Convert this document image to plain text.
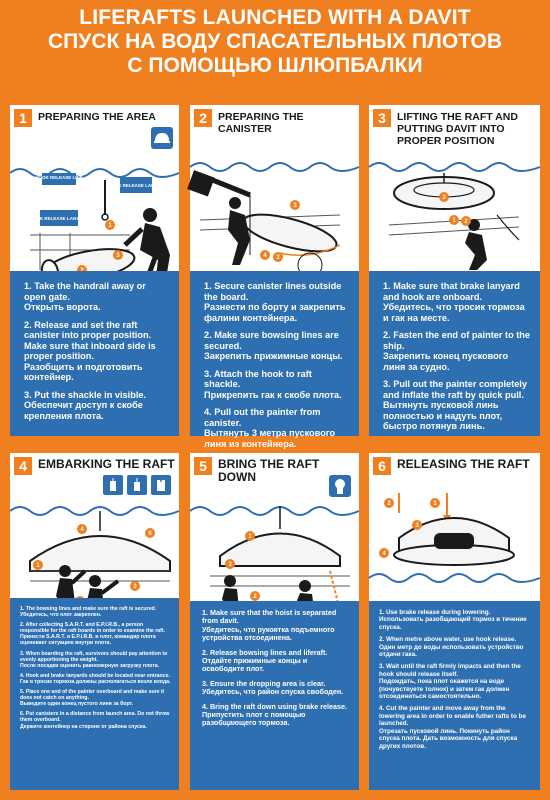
LIFERAFTS LAUNCHED WITH A DAVIT
СПУСК НА ВОДУ СПАСАТЕЛЬНЫХ ПЛОТОВ
С ПОМОЩЬЮ ШЛЮПБАЛКИ
1	PREPARING THE AREA
HOOK RELEASE LINE
BREAK RELEASE LANYARD
HOOK RELEASE LANYARD
3
1
1. Take the handrail away or open gate.
Открыть ворота.
2. Release and set the raft canister into proper position. Make sure that inboard side is proper position.
Разобщить и подготовить контейнер.
3. Put the shackle in visible.
Обеспечит доступ к скобе крепления плота.
2	PREPARING THE CANISTER
3
4 2
1. Secure canister lines outside the board.
Разнести по борту и закрепить фалини контейнера.
2. Make sure bowsing lines are secured.
Закрепить прижимные концы.
3. Attach the hook to raft shackle.
Прикрепить гак к скобе плота.
4. Pull out the painter from canister.
Вытянуть 3 метра пускового линя из контейнера.
3	LIFTING THE RAFT AND PUTTING DAVIT INTO PROPER POSITION
3
1 2
1. Make sure that brake lanyard and hook are onboard.
Убедитесь, что тросик тормоза и гак на месте.
2. Fasten the end of painter to the ship.
Закрепить конец пускового линя за судно.
3. Pull out the painter completely and inflate the raft by quick pull.
Вытянуть пусковой линь полностью и надуть плот, быстро потянув линь.
4 EMBARKING THE RAFT
4
6
1
3
1. The bowsing lines and make sure the raft is secured.
Убедитесь, что плот закреплен.
2. After collecting S.A.R.T. and E.P.I.R.B., a person responsible for the raft boards in order to examine the raft.
Принести S.A.R.T. и E.P.I.R.B. в плот, командир плота оценивает ситуацию внутри плота.
3. When boarding the raft, survivors should pay attention to evenly apportioning the weight.
После посадки оценить равномерную загрузку плота.
4. Hook and brake lanyards should be located near entrance.
Гак и тросик тормоза должны располагаться возле входа.
5. Place one and of the painter overboard and make sure it does not catch on anything.
Выведите один конец пустого линя за борт.
6. Put canisters in a distance from launch area. Do not throw them overboard.
Держите контейнер на стороне от района спуска.
5 BRING THE RAFT DOWN
1
2
3
1. Make sure that the hoist is separated from davit.
Убедитесь, что рукоятка подъемного устройства отсоединена.
2. Release bowsing lines and liferaft.
Отдайте прижимные концы и освободите плот.
3. Ensure the dropping area is clear.
Убедитесь, что район спуска свободен.
4. Bring the raft down using brake release.
Припустить плот с помощью разобщающего тормоза.
6 RELEASING THE RAFT
2	1
4
3
1. Use brake release during lowering.
Использовать разобщающий тормоз в течение спуска.
2. When metre above water, use hook release.
Один метр до воды использовать устройство отдачи гака.
3. Wait until the raft firmly impacts and then the hook should release itself.
Подождать, пока плот окажется на воде (почувствуете толчок) и затем гак должен отсоединиться самостоятельно.
4. Cut the painter and move away from the lowering area in order to enable futher rafts to be launched.
Отрезать пусковой линь. Покинуть район спуска плота. Дать возможность для спуска других плотов.
